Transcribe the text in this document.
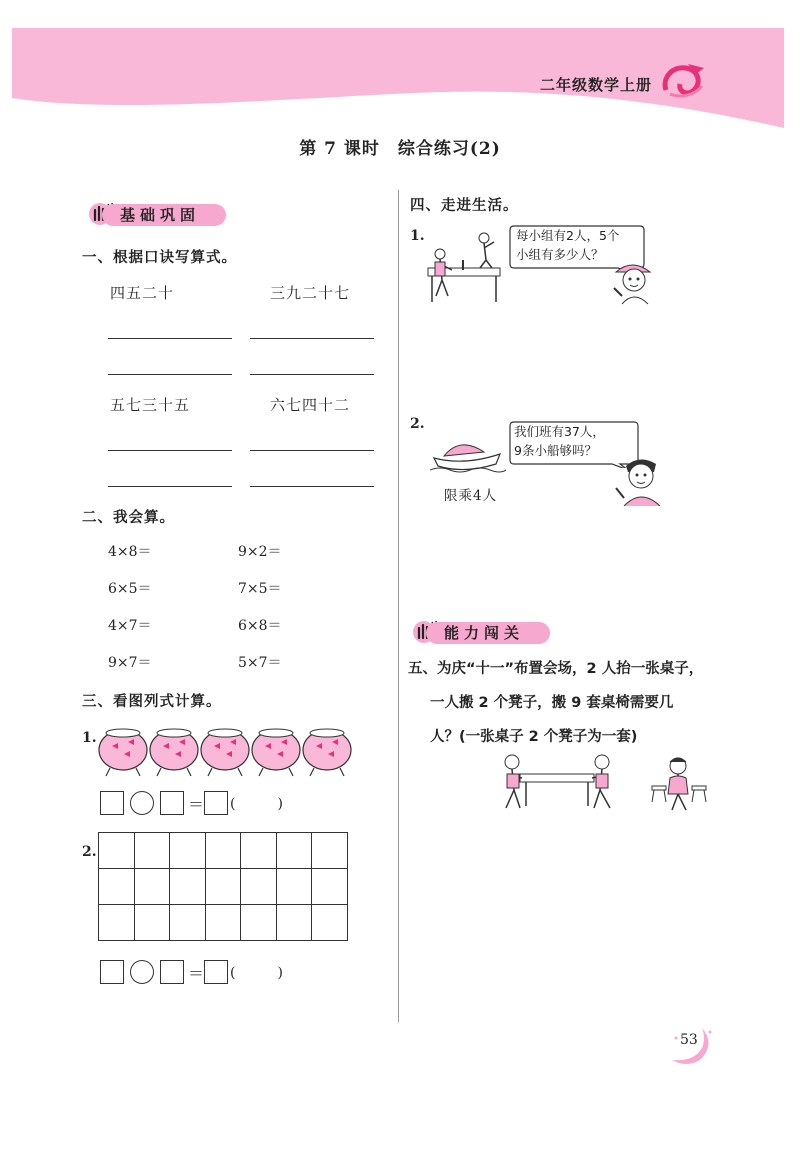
二年级数学上册
第 7 课时　综合练习(2)
基础巩固
一、根据口诀写算式。
四五二十	三九二十七
五七三十五	六七四十二
二、我会算。
4×8＝	9×2＝
6×5＝	7×5＝
4×7＝	6×8＝
9×7＝	5×7＝
三、看图列式计算。
1.
＝ (　　　)
2.

＝ (　　　)
四、走进生活。
1.	每小组有2人，5个
小组有多少人？
2.
限乘4人
我们班有37人，
9条小船够吗？
能力闯关
五、为庆“十一”布置会场，2 人抬一张桌子，
一人搬 2 个凳子，搬 9 套桌椅需要几
人？(一张桌子 2 个凳子为一套)
53
